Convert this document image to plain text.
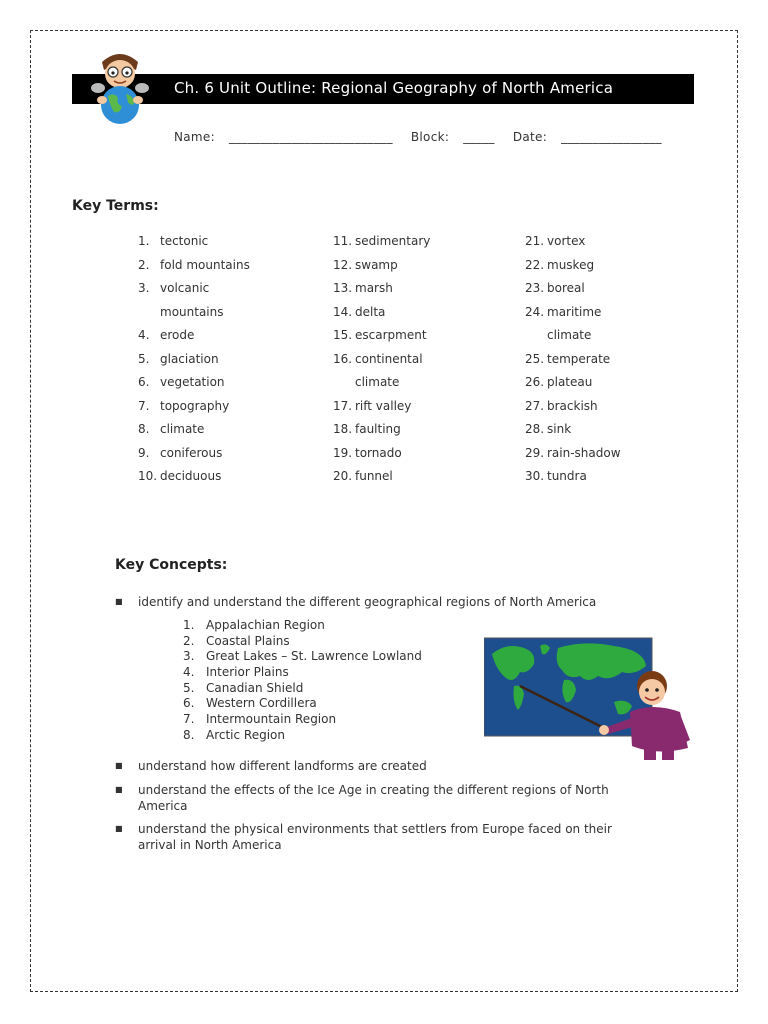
Ch. 6 Unit Outline: Regional Geography of North America
Name: __________________________ Block: _____ Date: ________________
Key Terms:
1. tectonic
2. fold mountains
3. volcanic
mountains
4. erode
5. glaciation
6. vegetation
7. topography
8. climate
9. coniferous
10. deciduous
11. sedimentary
12. swamp
13. marsh
14. delta
15. escarpment
16. continental
climate
17. rift valley
18. faulting
19. tornado
20. funnel
21. vortex
22. muskeg
23. boreal
24. maritime
climate
25. temperate
26. plateau
27. brackish
28. sink
29. rain-shadow
30. tundra
Key Concepts:
■ identify and understand the different geographical regions of North America
1. Appalachian Region
2. Coastal Plains
3. Great Lakes – St. Lawrence Lowland
4. Interior Plains
5. Canadian Shield
6. Western Cordillera
7. Intermountain Region
8. Arctic Region
■ understand how different landforms are created
■ understand the effects of the Ice Age in creating the different regions of North America
■ understand the physical environments that settlers from Europe faced on their arrival in North America
